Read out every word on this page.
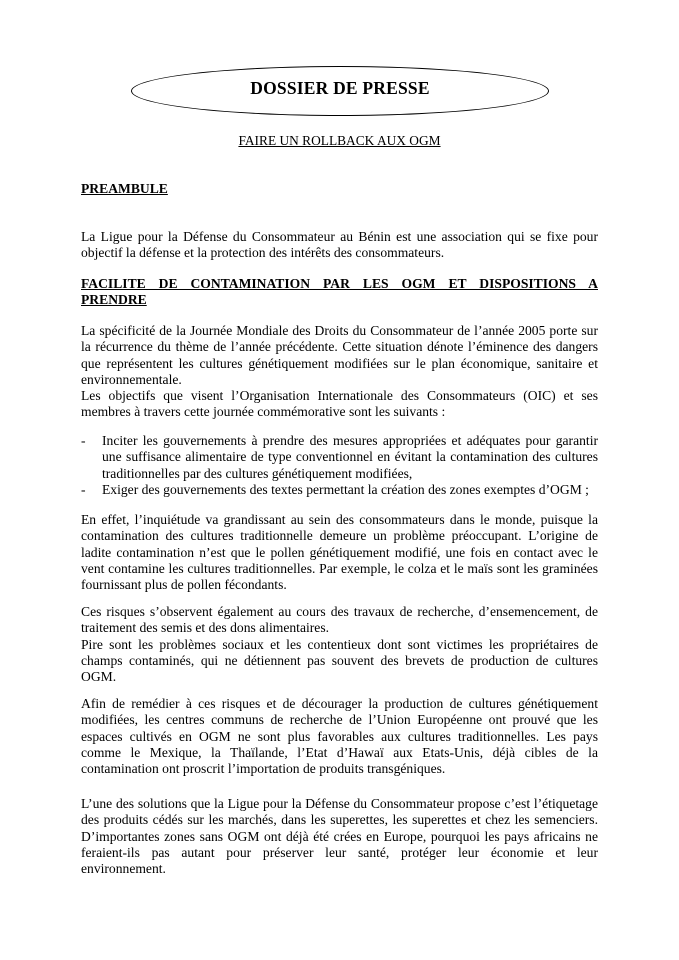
DOSSIER DE PRESSE
FAIRE UN ROLLBACK AUX OGM
PREAMBULE
La Ligue pour la Défense du Consommateur au Bénin est une association qui se fixe pour
objectif la défense et la protection des intérêts des consommateurs.
FACILITE DE CONTAMINATION PAR LES OGM ET DISPOSITIONS A
PRENDRE
La spécificité de la Journée Mondiale des Droits du Consommateur de l’année 2005 porte sur
la récurrence du thème de l’année précédente. Cette situation dénote l’éminence des dangers
que représentent les cultures génétiquement modifiées sur le plan économique, sanitaire et
environnementale.
Les objectifs que visent l’Organisation Internationale des Consommateurs (OIC) et ses
membres à travers cette journée commémorative sont les suivants :
- Inciter les gouvernements à prendre des mesures appropriées et adéquates pour garantir
une suffisance alimentaire de type conventionnel en évitant la contamination des cultures
traditionnelles par des cultures génétiquement modifiées,
- Exiger des gouvernements des textes permettant la création des zones exemptes d’OGM ;
En effet, l’inquiétude va grandissant au sein des consommateurs dans le monde, puisque la
contamination des cultures traditionnelle demeure un problème préoccupant. L’origine de
ladite contamination n’est que le pollen génétiquement modifié, une fois en contact avec le
vent contamine les cultures traditionnelles. Par exemple, le colza et le maïs sont les graminées
fournissant plus de pollen fécondants.
Ces risques s’observent également au cours des travaux de recherche, d’ensemencement, de
traitement des semis et des dons alimentaires.
Pire sont les problèmes sociaux et les contentieux dont sont victimes les propriétaires de
champs contaminés, qui ne détiennent pas souvent des brevets de production de cultures
OGM.
Afin de remédier à ces risques et de décourager la production de cultures génétiquement
modifiées, les centres communs de recherche de l’Union Européenne ont prouvé que les
espaces cultivés en OGM ne sont plus favorables aux cultures traditionnelles. Les pays
comme le Mexique, la Thaïlande, l’Etat d’Hawaï aux Etats-Unis, déjà cibles de la
contamination ont proscrit l’importation de produits transgéniques.
L’une des solutions que la Ligue pour la Défense du Consommateur propose c’est l’étiquetage
des produits cédés sur les marchés, dans les superettes, les superettes et chez les semenciers.
D’importantes zones sans OGM ont déjà été crées en Europe, pourquoi les pays africains ne
feraient-ils pas autant pour préserver leur santé, protéger leur économie et leur
environnement.
